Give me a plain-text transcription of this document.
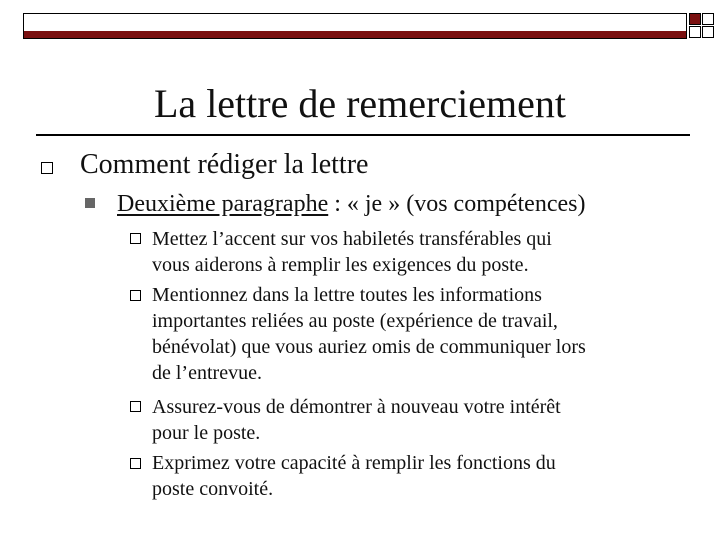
La lettre de remerciement

Comment rédiger la lettre

Deuxième paragraphe : « je » (vos compétences)

Mettez l’accent sur vos habiletés transférables qui
vous aiderons à remplir les exigences du poste.

Mentionnez dans la lettre toutes les informations
importantes reliées au poste (expérience de travail,
bénévolat) que vous auriez omis de communiquer lors
de l’entrevue.

Assurez-vous de démontrer à nouveau votre intérêt
pour le poste.

Exprimez votre capacité à remplir les fonctions du
poste convoité.
